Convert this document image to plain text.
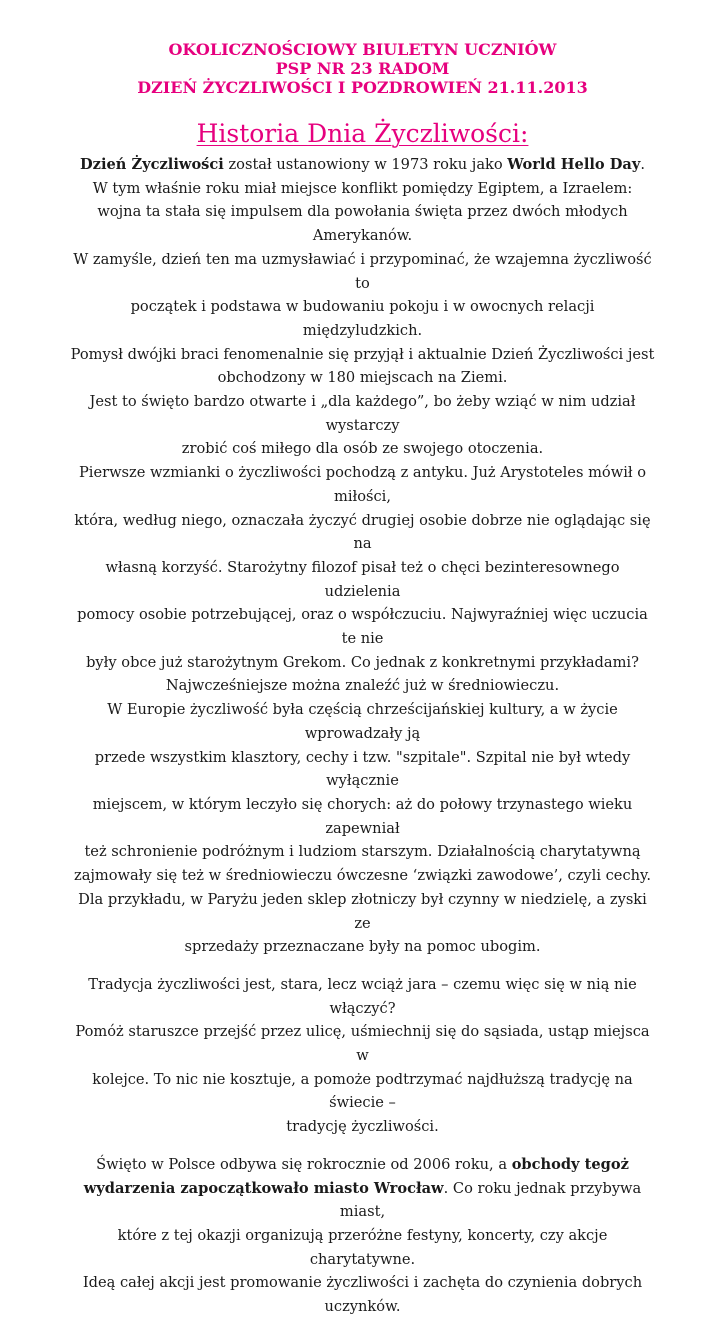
OKOLICZNOŚCIOWY BIULETYN UCZNIÓW
PSP NR 23 RADOM
DZIEŃ ŻYCZLIWOŚCI I POZDROWIEŃ 21.11.2013
Historia Dnia Życzliwości:

Dzień Życzliwości został ustanowiony w 1973 roku jako World Hello Day.

W tym właśnie roku miał miejsce konflikt pomiędzy Egiptem, a Izraelem:

wojna ta stała się impulsem dla powołania święta przez dwóch młodych Amerykanów.

W zamyśle, dzień ten ma uzmysławiać i przypominać, że wzajemna życzliwość to

początek i podstawa w budowaniu pokoju i w owocnych relacji międzyludzkich.

Pomysł dwójki braci fenomenalnie się przyjął i aktualnie Dzień Życzliwości jest

obchodzony w 180 miejscach na Ziemi.

Jest to święto bardzo otwarte i „dla każdego”, bo żeby wziąć w nim udział wystarczy

zrobić coś miłego dla osób ze swojego otoczenia.

Pierwsze wzmianki o życzliwości pochodzą z antyku. Już Arystoteles mówił o miłości,

która, według niego, oznaczała życzyć drugiej osobie dobrze nie oglądając się na

własną korzyść. Starożytny filozof pisał też o chęci bezinteresownego udzielenia

pomocy osobie potrzebującej, oraz o współczuciu. Najwyraźniej więc uczucia te nie

były obce już starożytnym Grekom. Co jednak z konkretnymi przykładami?

Najwcześniejsze można znaleźć już w średniowieczu.

W Europie życzliwość była częścią chrześcijańskiej kultury, a w życie wprowadzały ją

przede wszystkim klasztory, cechy i tzw. "szpitale". Szpital nie był wtedy wyłącznie

miejscem, w którym leczyło się chorych: aż do połowy trzynastego wieku zapewniał

też schronienie podróżnym i ludziom starszym. Działalnością charytatywną

zajmowały się też w średniowieczu ówczesne ‘związki zawodowe’, czyli cechy.

Dla przykładu, w Paryżu jeden sklep złotniczy był czynny w niedzielę, a zyski ze

sprzedaży przeznaczane były na pomoc ubogim.

Tradycja życzliwości jest, stara, lecz wciąż jara – czemu więc się w nią nie włączyć?

Pomóż staruszce przejść przez ulicę, uśmiechnij się do sąsiada, ustąp miejsca w

kolejce. To nic nie kosztuje, a pomoże podtrzymać najdłuższą tradycję na świecie –

tradycję życzliwości.

Święto w Polsce odbywa się rokrocznie od 2006 roku, a obchody tegoż

wydarzenia zapoczątkowało miasto Wrocław. Co roku jednak przybywa miast,

które z tej okazji organizują przeróżne festyny, koncerty, czy akcje charytatywne.

Ideą całej akcji jest promowanie życzliwości i zachęta do czynienia dobrych uczynków.
